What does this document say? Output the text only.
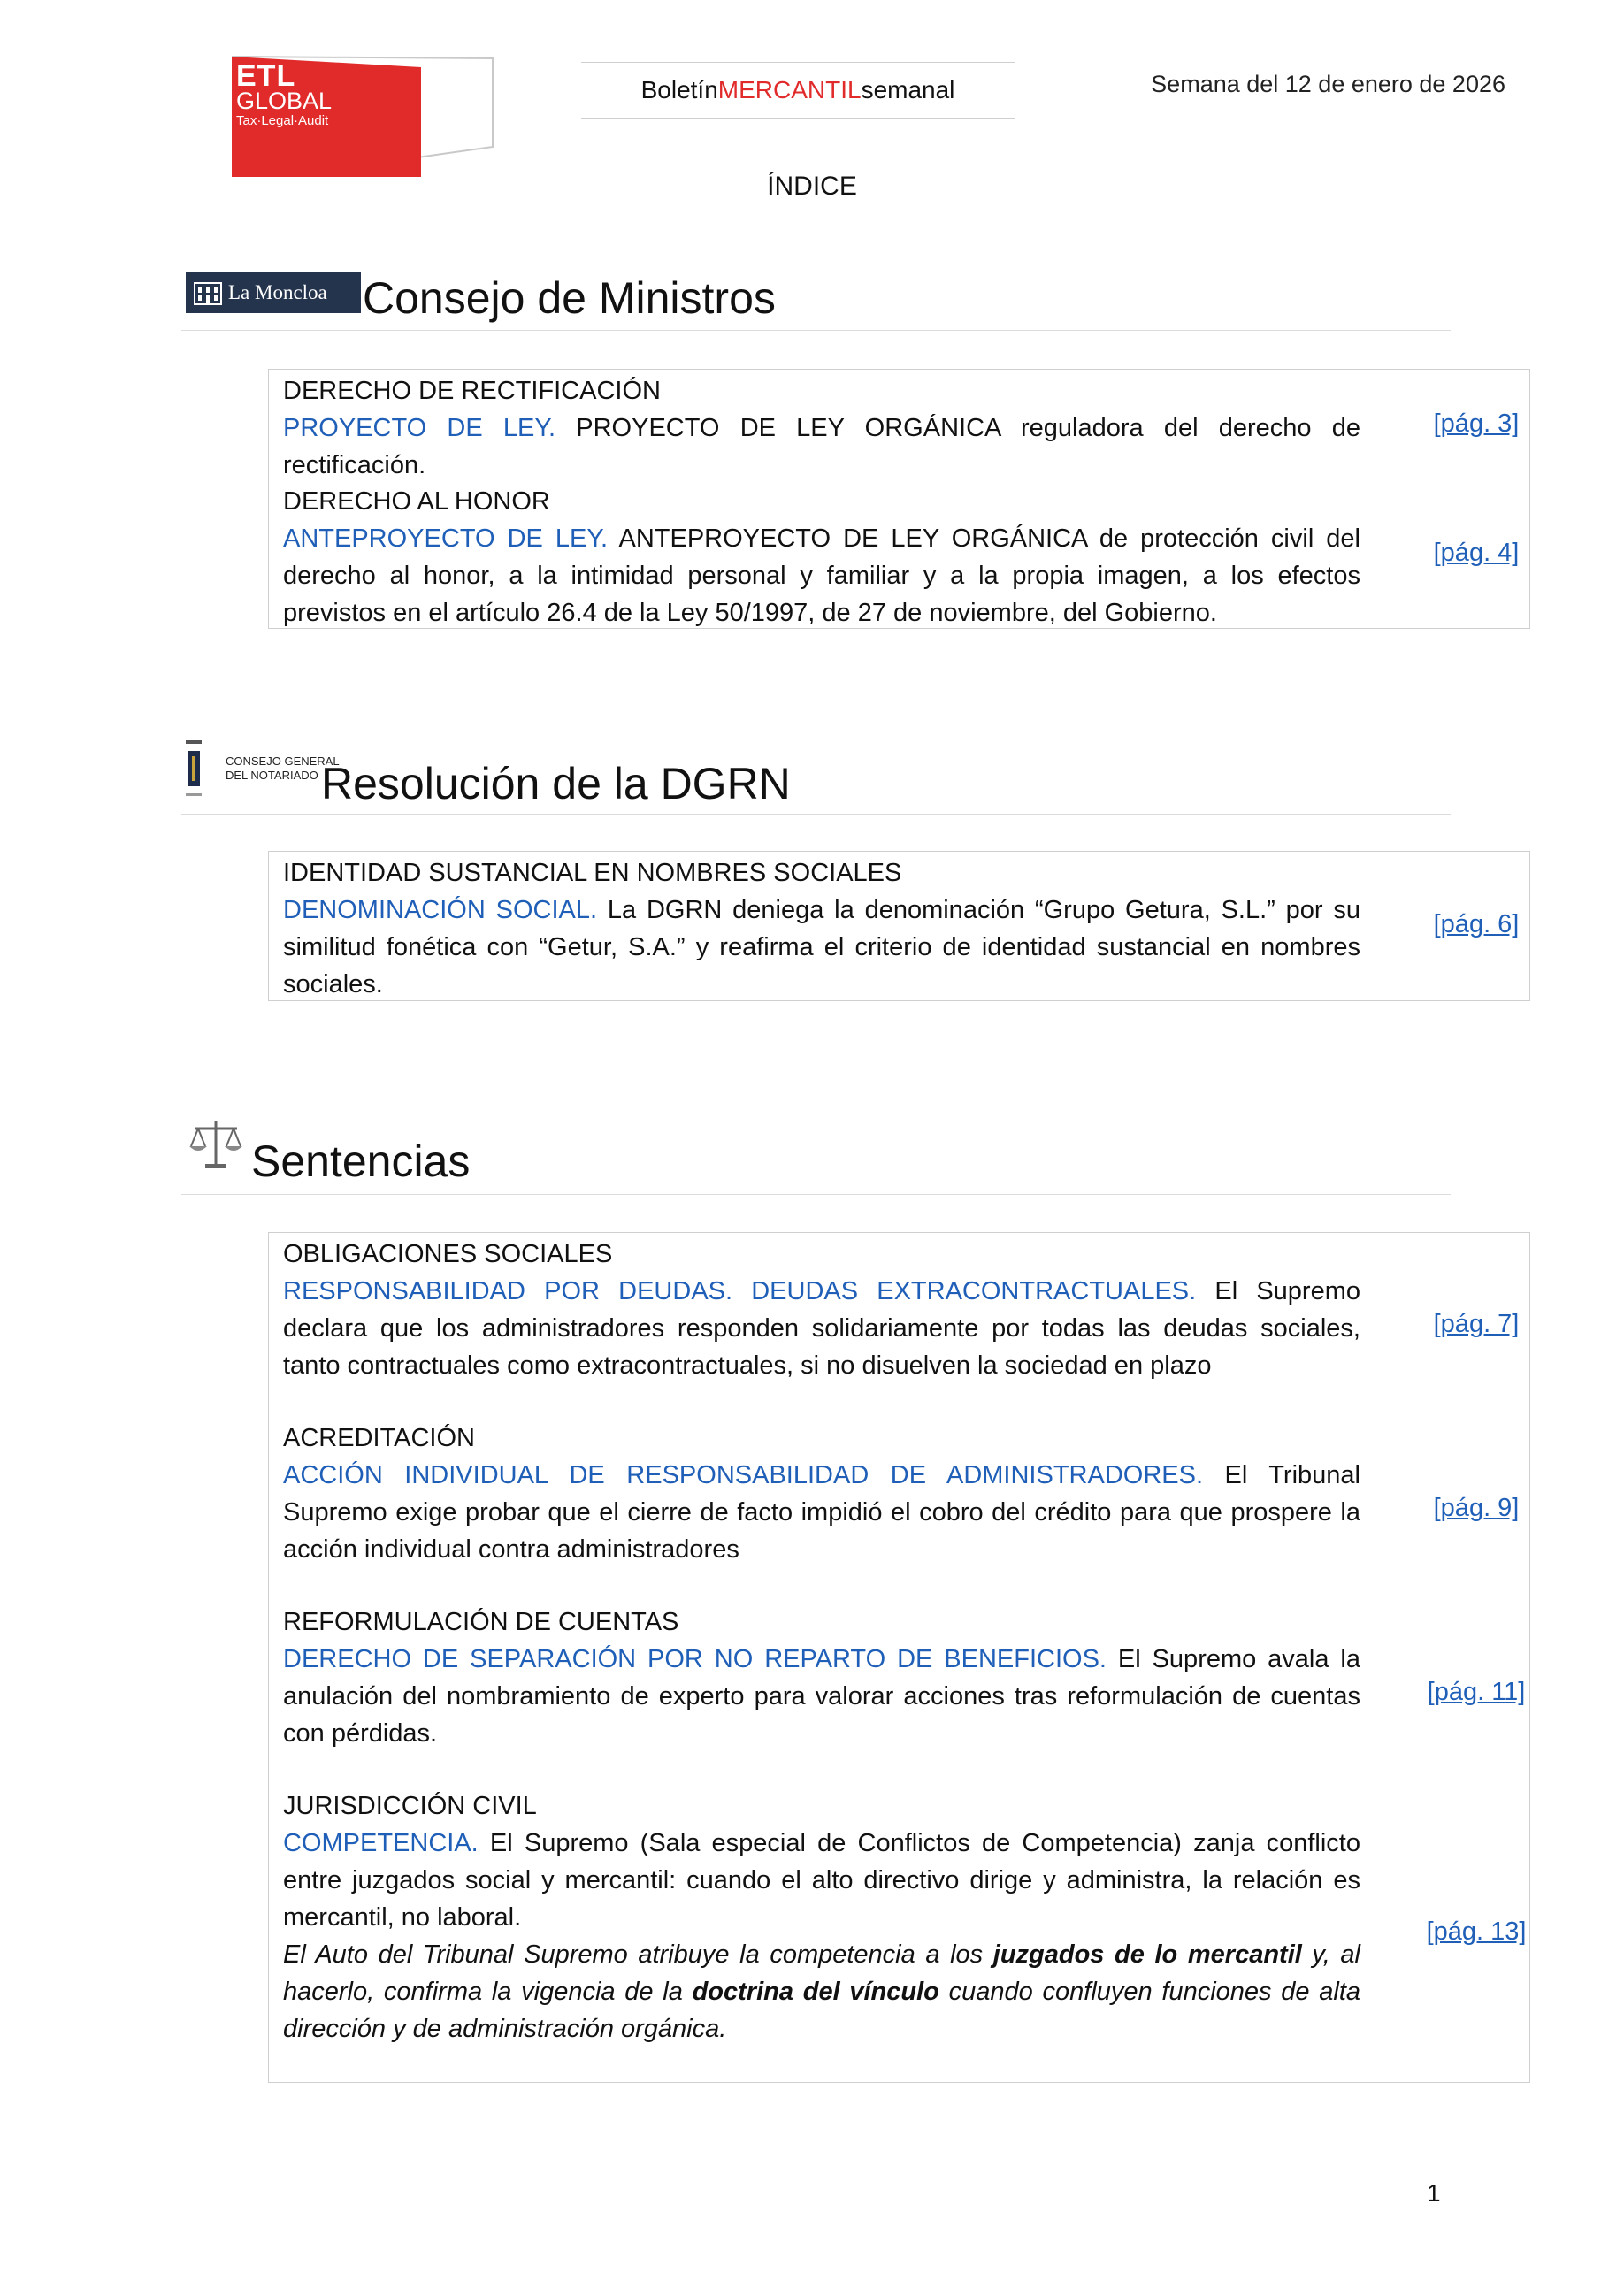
ETL
GLOBAL
Tax·Legal·Audit
Boletín MERCANTIL semanal	Semana del 12 de enero de 2026
ÍNDICE
La Moncloa Consejo de Ministros
DERECHO DE RECTIFICACIÓN
PROYECTO DE LEY. PROYECTO DE LEY ORGÁNICA reguladora del derecho de rectificación.
[pág. 3]
DERECHO AL HONOR
ANTEPROYECTO DE LEY. ANTEPROYECTO DE LEY ORGÁNICA de protección civil del derecho al honor, a la intimidad personal y familiar y a la propia imagen, a los efectos previstos en el artículo 26.4 de la Ley 50/1997, de 27 de noviembre, del Gobierno.
[pág. 4]
CONSEJO GENERAL
DEL NOTARIADO Resolución de la DGRN
IDENTIDAD SUSTANCIAL EN NOMBRES SOCIALES
DENOMINACIÓN SOCIAL. La DGRN deniega la denominación “Grupo Getura, S.L.” por su similitud fonética con “Getur, S.A.” y reafirma el criterio de identidad sustancial en nombres sociales.
[pág. 6]
Sentencias
OBLIGACIONES SOCIALES
RESPONSABILIDAD POR DEUDAS. DEUDAS EXTRACONTRACTUALES. El Supremo declara que los administradores responden solidariamente por todas las deudas sociales, tanto contractuales como extracontractuales, si no disuelven la sociedad en plazo
[pág. 7]
ACREDITACIÓN
ACCIÓN INDIVIDUAL DE RESPONSABILIDAD DE ADMINISTRADORES. El Tribunal Supremo exige probar que el cierre de facto impidió el cobro del crédito para que prospere la acción individual contra administradores
[pág. 9]
REFORMULACIÓN DE CUENTAS
DERECHO DE SEPARACIÓN POR NO REPARTO DE BENEFICIOS. El Supremo avala la anulación del nombramiento de experto para valorar acciones tras reformulación de cuentas con pérdidas.
[pág. 11]
JURISDICCIÓN CIVIL
COMPETENCIA. El Supremo (Sala especial de Conflictos de Competencia) zanja conflicto entre juzgados social y mercantil: cuando el alto directivo dirige y administra, la relación es mercantil, no laboral.
El Auto del Tribunal Supremo atribuye la competencia a los juzgados de lo mercantil y, al hacerlo, confirma la vigencia de la doctrina del vínculo cuando confluyen funciones de alta dirección y de administración orgánica.
[pág. 13]
1
